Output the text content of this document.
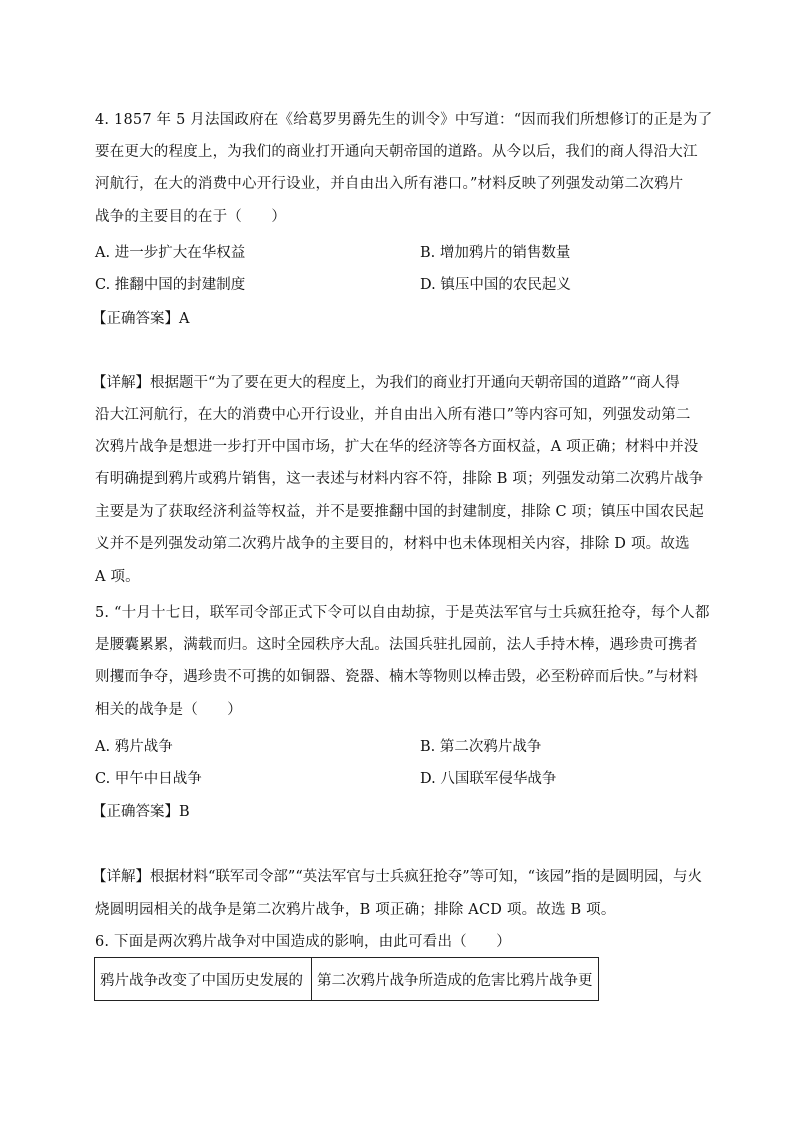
4. 1857 年 5 月法国政府在《给葛罗男爵先生的训令》中写道：“因而我们所想修订的正是为了
要在更大的程度上，为我们的商业打开通向天朝帝国的道路。从今以后，我们的商人得沿大江
河航行，在大的消费中心开行设业，并自由出入所有港口。”材料反映了列强发动第二次鸦片
战争的主要目的在于（　　）
A. 进一步扩大在华权益	B. 增加鸦片的销售数量
C. 推翻中国的封建制度	D. 镇压中国的农民起义
【正确答案】A
【详解】根据题干“为了要在更大的程度上，为我们的商业打开通向天朝帝国的道路”“商人得
沿大江河航行，在大的消费中心开行设业，并自由出入所有港口”等内容可知，列强发动第二
次鸦片战争是想进一步打开中国市场，扩大在华的经济等各方面权益，A 项正确；材料中并没
有明确提到鸦片或鸦片销售，这一表述与材料内容不符，排除 B 项；列强发动第二次鸦片战争
主要是为了获取经济利益等权益，并不是要推翻中国的封建制度，排除 C 项；镇压中国农民起
义并不是列强发动第二次鸦片战争的主要目的，材料中也未体现相关内容，排除 D 项。故选
A 项。
5. “十月十七日，联军司令部正式下令可以自由劫掠，于是英法军官与士兵疯狂抢夺，每个人都
是腰囊累累，满载而归。这时全园秩序大乱。法国兵驻扎园前，法人手持木棒，遇珍贵可携者
则攫而争夺，遇珍贵不可携的如铜器、瓷器、楠木等物则以棒击毁，必至粉碎而后快。”与材料
相关的战争是（　　）
A. 鸦片战争	B. 第二次鸦片战争
C. 甲午中日战争	D. 八国联军侵华战争
【正确答案】B
【详解】根据材料“联军司令部”“英法军官与士兵疯狂抢夺”等可知，“该园”指的是圆明园，与火
烧圆明园相关的战争是第二次鸦片战争，B 项正确；排除 ACD 项。故选 B 项。
6. 下面是两次鸦片战争对中国造成的影响，由此可看出（　　）
鸦片战争改变了中国历史发展的	第二次鸦片战争所造成的危害比鸦片战争更
